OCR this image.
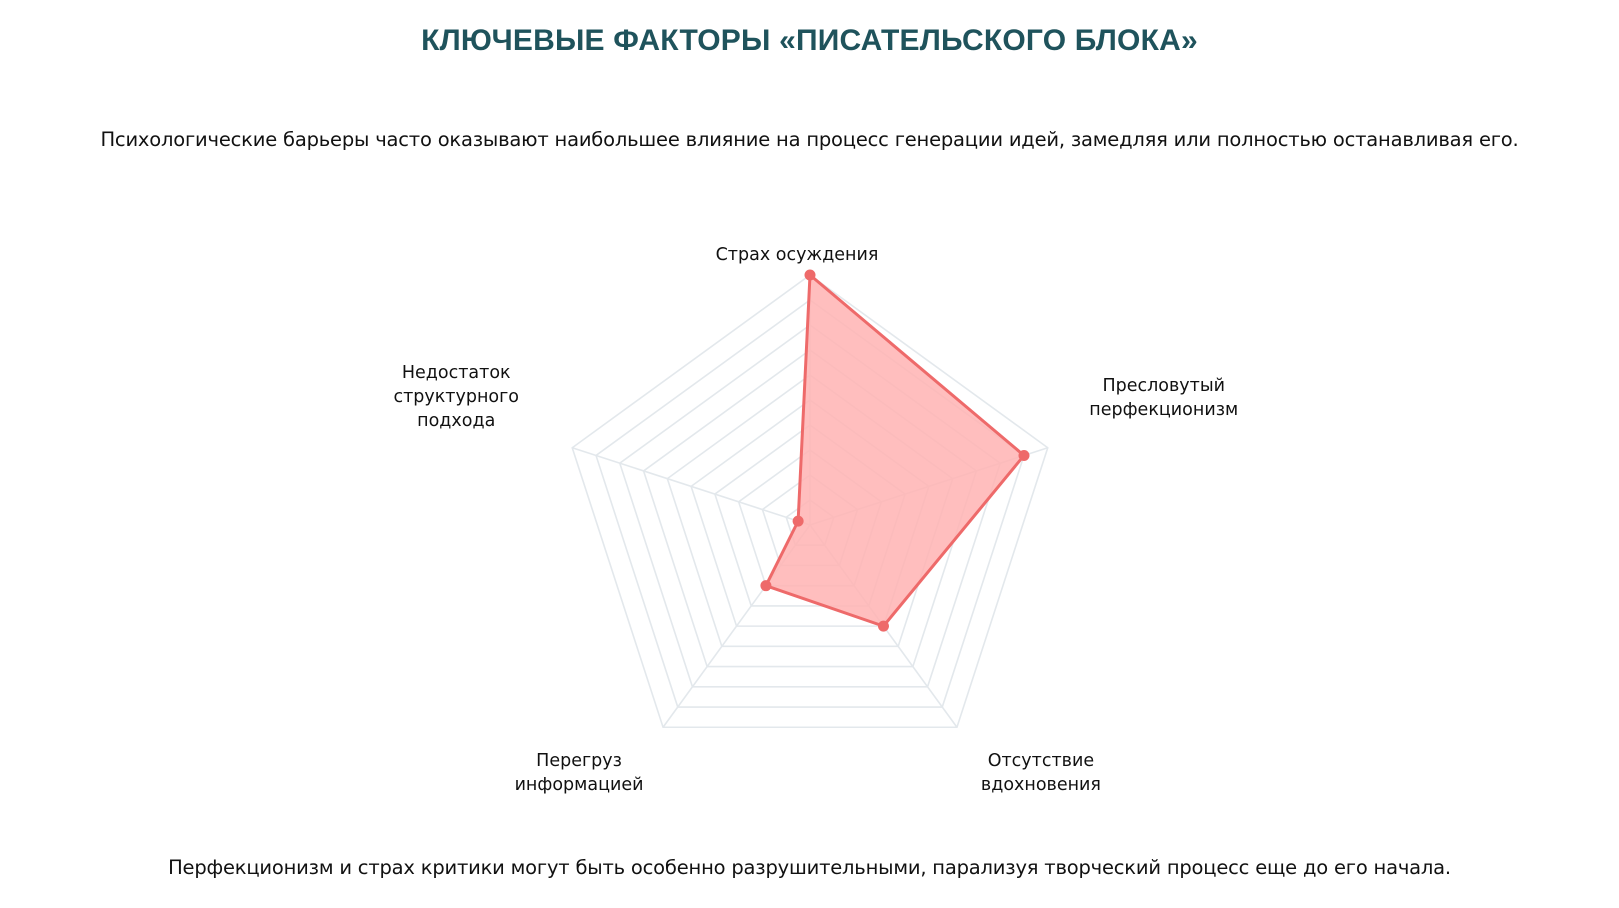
КЛЮЧЕВЫЕ ФАКТОРЫ «ПИСАТЕЛЬСКОГО БЛОКА»
Психологические барьеры часто оказывают наибольшее влияние на процесс генерации идей, замедляя или полностью останавливая его.
Страх осуждения
Пресловутый
перфекционизм
Отсутствие
вдохновения
Перегруз
информацией
Недостаток
структурного
подхода
Перфекционизм и страх критики могут быть особенно разрушительными, парализуя творческий процесс еще до его начала.
